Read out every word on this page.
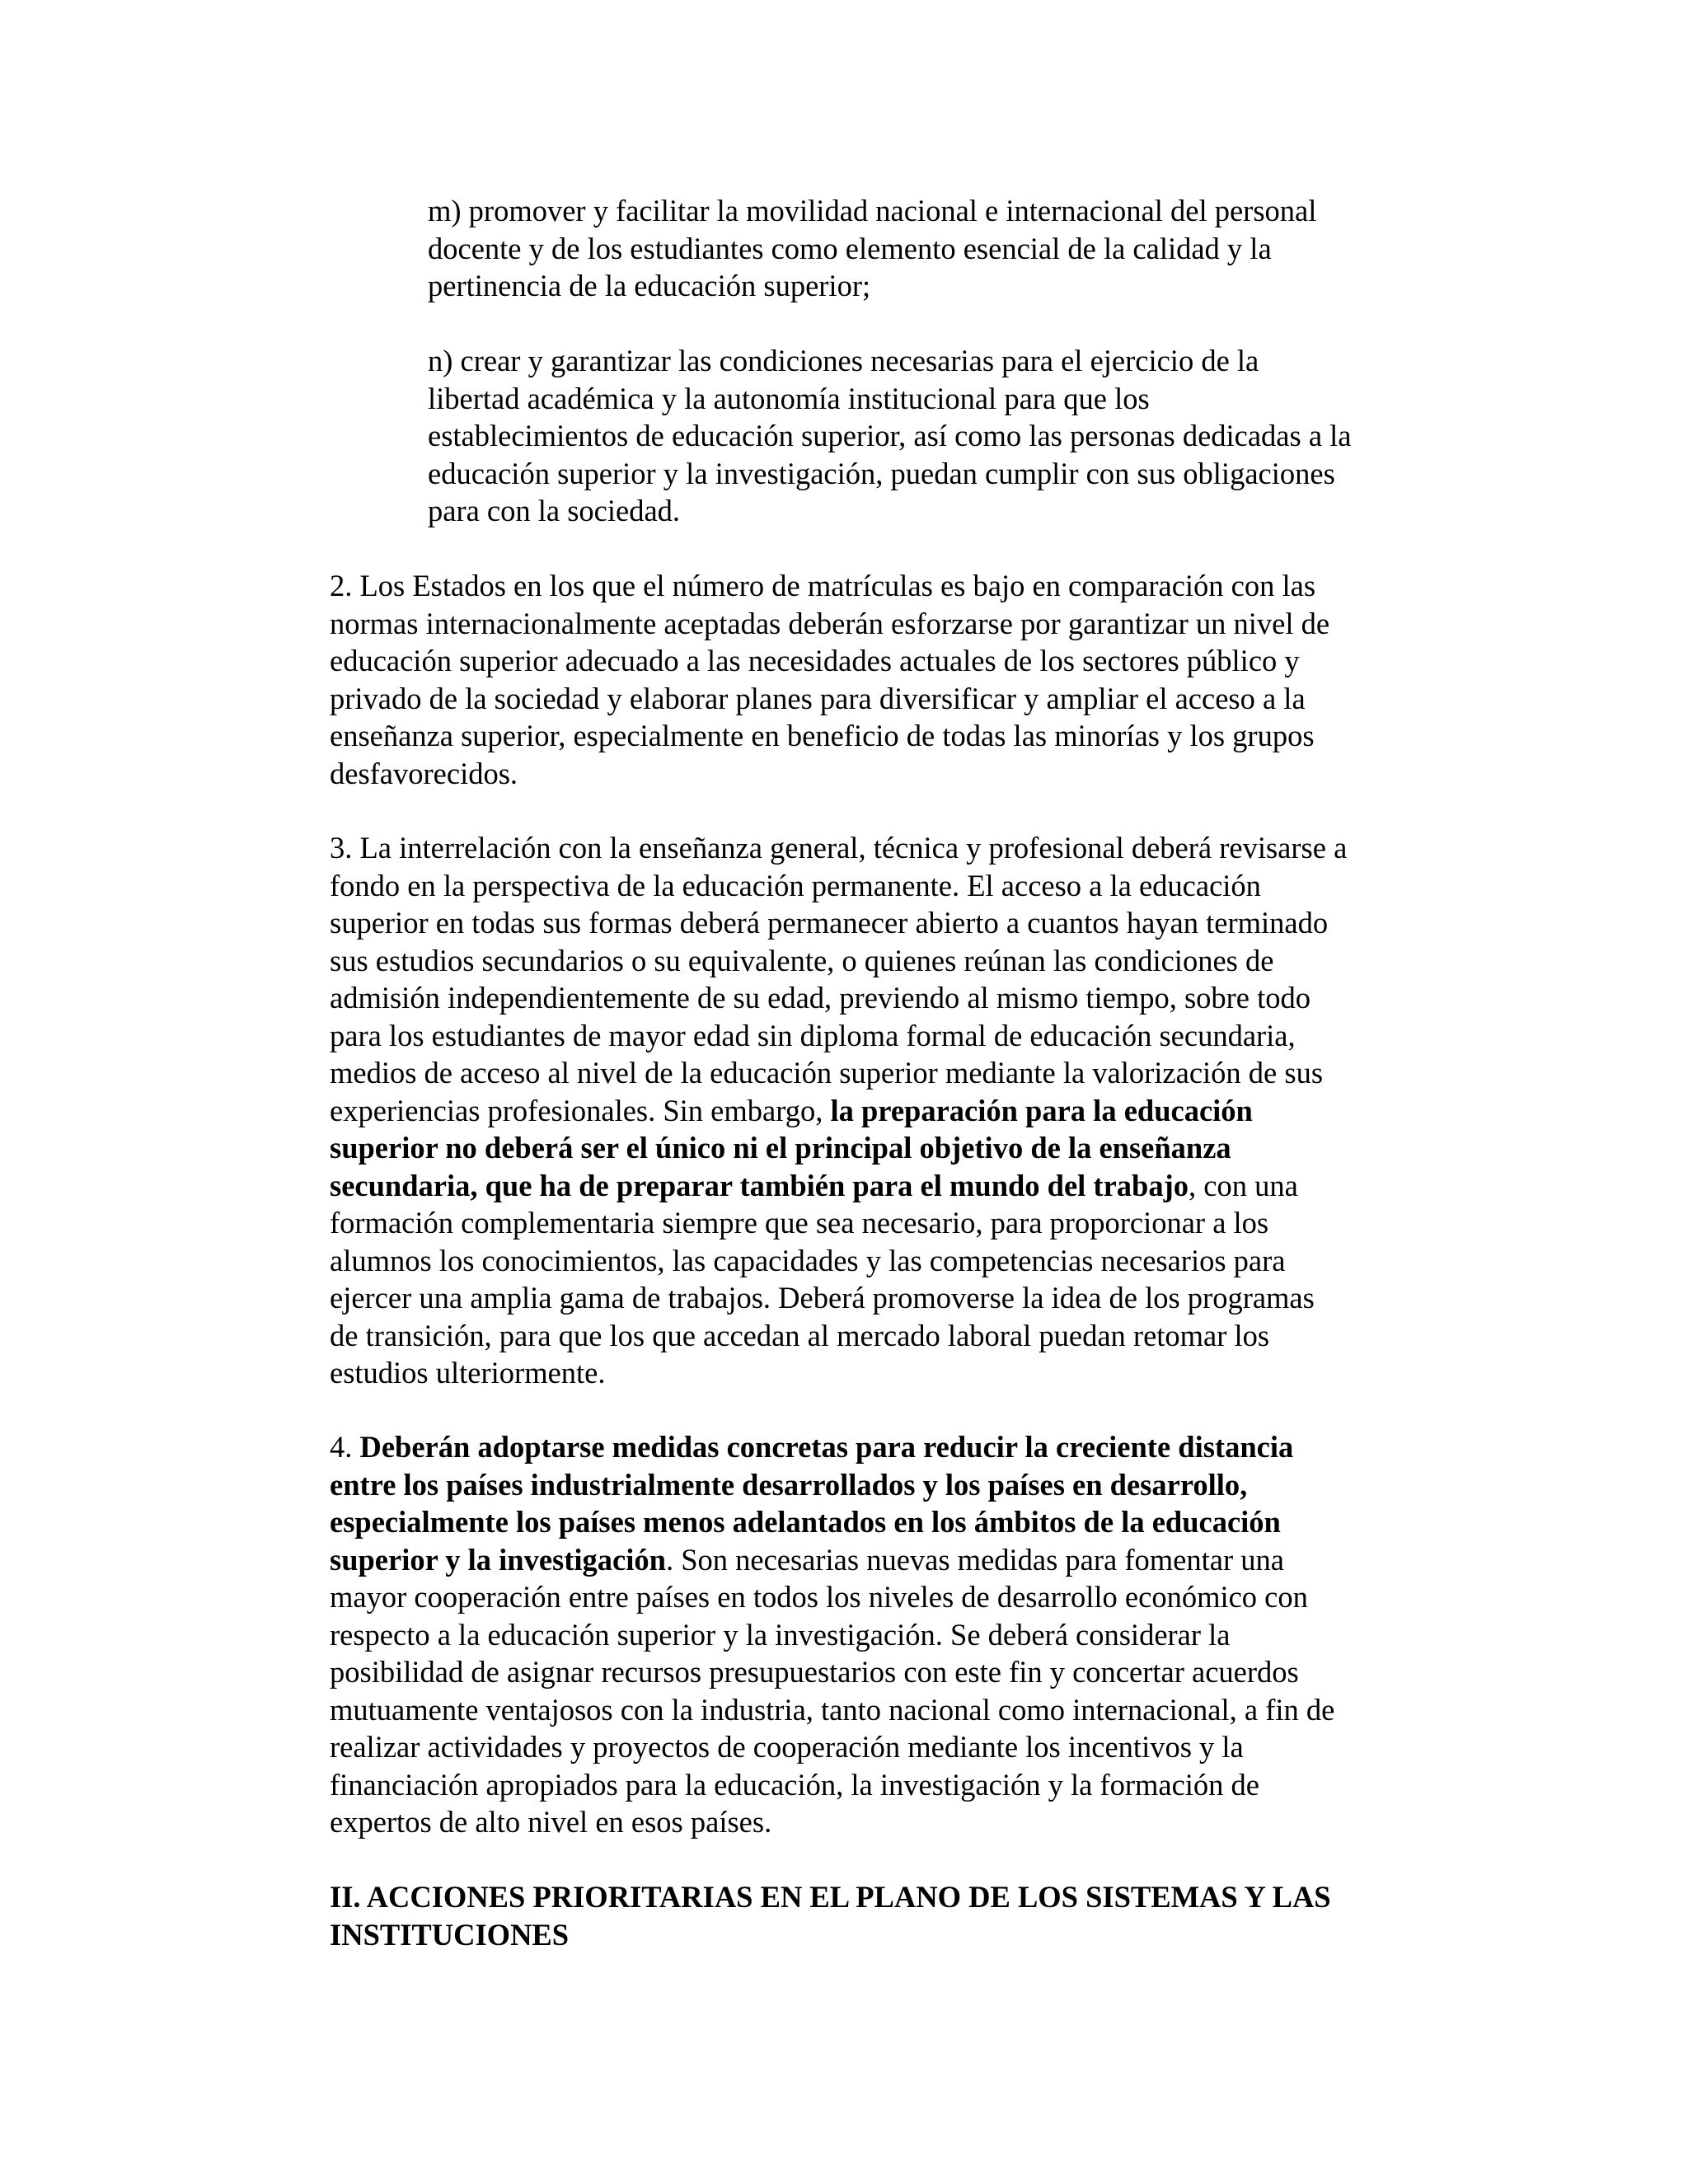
m) promover y facilitar la movilidad nacional e internacional del personal
docente y de los estudiantes como elemento esencial de la calidad y la
pertinencia de la educación superior;

n) crear y garantizar las condiciones necesarias para el ejercicio de la
libertad académica y la autonomía institucional para que los
establecimientos de educación superior, así como las personas dedicadas a la
educación superior y la investigación, puedan cumplir con sus obligaciones
para con la sociedad.

2. Los Estados en los que el número de matrículas es bajo en comparación con las
normas internacionalmente aceptadas deberán esforzarse por garantizar un nivel de
educación superior adecuado a las necesidades actuales de los sectores público y
privado de la sociedad y elaborar planes para diversificar y ampliar el acceso a la
enseñanza superior, especialmente en beneficio de todas las minorías y los grupos
desfavorecidos.

3. La interrelación con la enseñanza general, técnica y profesional deberá revisarse a
fondo en la perspectiva de la educación permanente. El acceso a la educación
superior en todas sus formas deberá permanecer abierto a cuantos hayan terminado
sus estudios secundarios o su equivalente, o quienes reúnan las condiciones de
admisión independientemente de su edad, previendo al mismo tiempo, sobre todo
para los estudiantes de mayor edad sin diploma formal de educación secundaria,
medios de acceso al nivel de la educación superior mediante la valorización de sus
experiencias profesionales. Sin embargo, la preparación para la educación
superior no deberá ser el único ni el principal objetivo de la enseñanza
secundaria, que ha de preparar también para el mundo del trabajo, con una
formación complementaria siempre que sea necesario, para proporcionar a los
alumnos los conocimientos, las capacidades y las competencias necesarios para
ejercer una amplia gama de trabajos. Deberá promoverse la idea de los programas
de transición, para que los que accedan al mercado laboral puedan retomar los
estudios ulteriormente.

4. Deberán adoptarse medidas concretas para reducir la creciente distancia
entre los países industrialmente desarrollados y los países en desarrollo,
especialmente los países menos adelantados en los ámbitos de la educación
superior y la investigación. Son necesarias nuevas medidas para fomentar una
mayor cooperación entre países en todos los niveles de desarrollo económico con
respecto a la educación superior y la investigación. Se deberá considerar la
posibilidad de asignar recursos presupuestarios con este fin y concertar acuerdos
mutuamente ventajosos con la industria, tanto nacional como internacional, a fin de
realizar actividades y proyectos de cooperación mediante los incentivos y la
financiación apropiados para la educación, la investigación y la formación de
expertos de alto nivel en esos países.

II. ACCIONES PRIORITARIAS EN EL PLANO DE LOS SISTEMAS Y LAS
INSTITUCIONES
